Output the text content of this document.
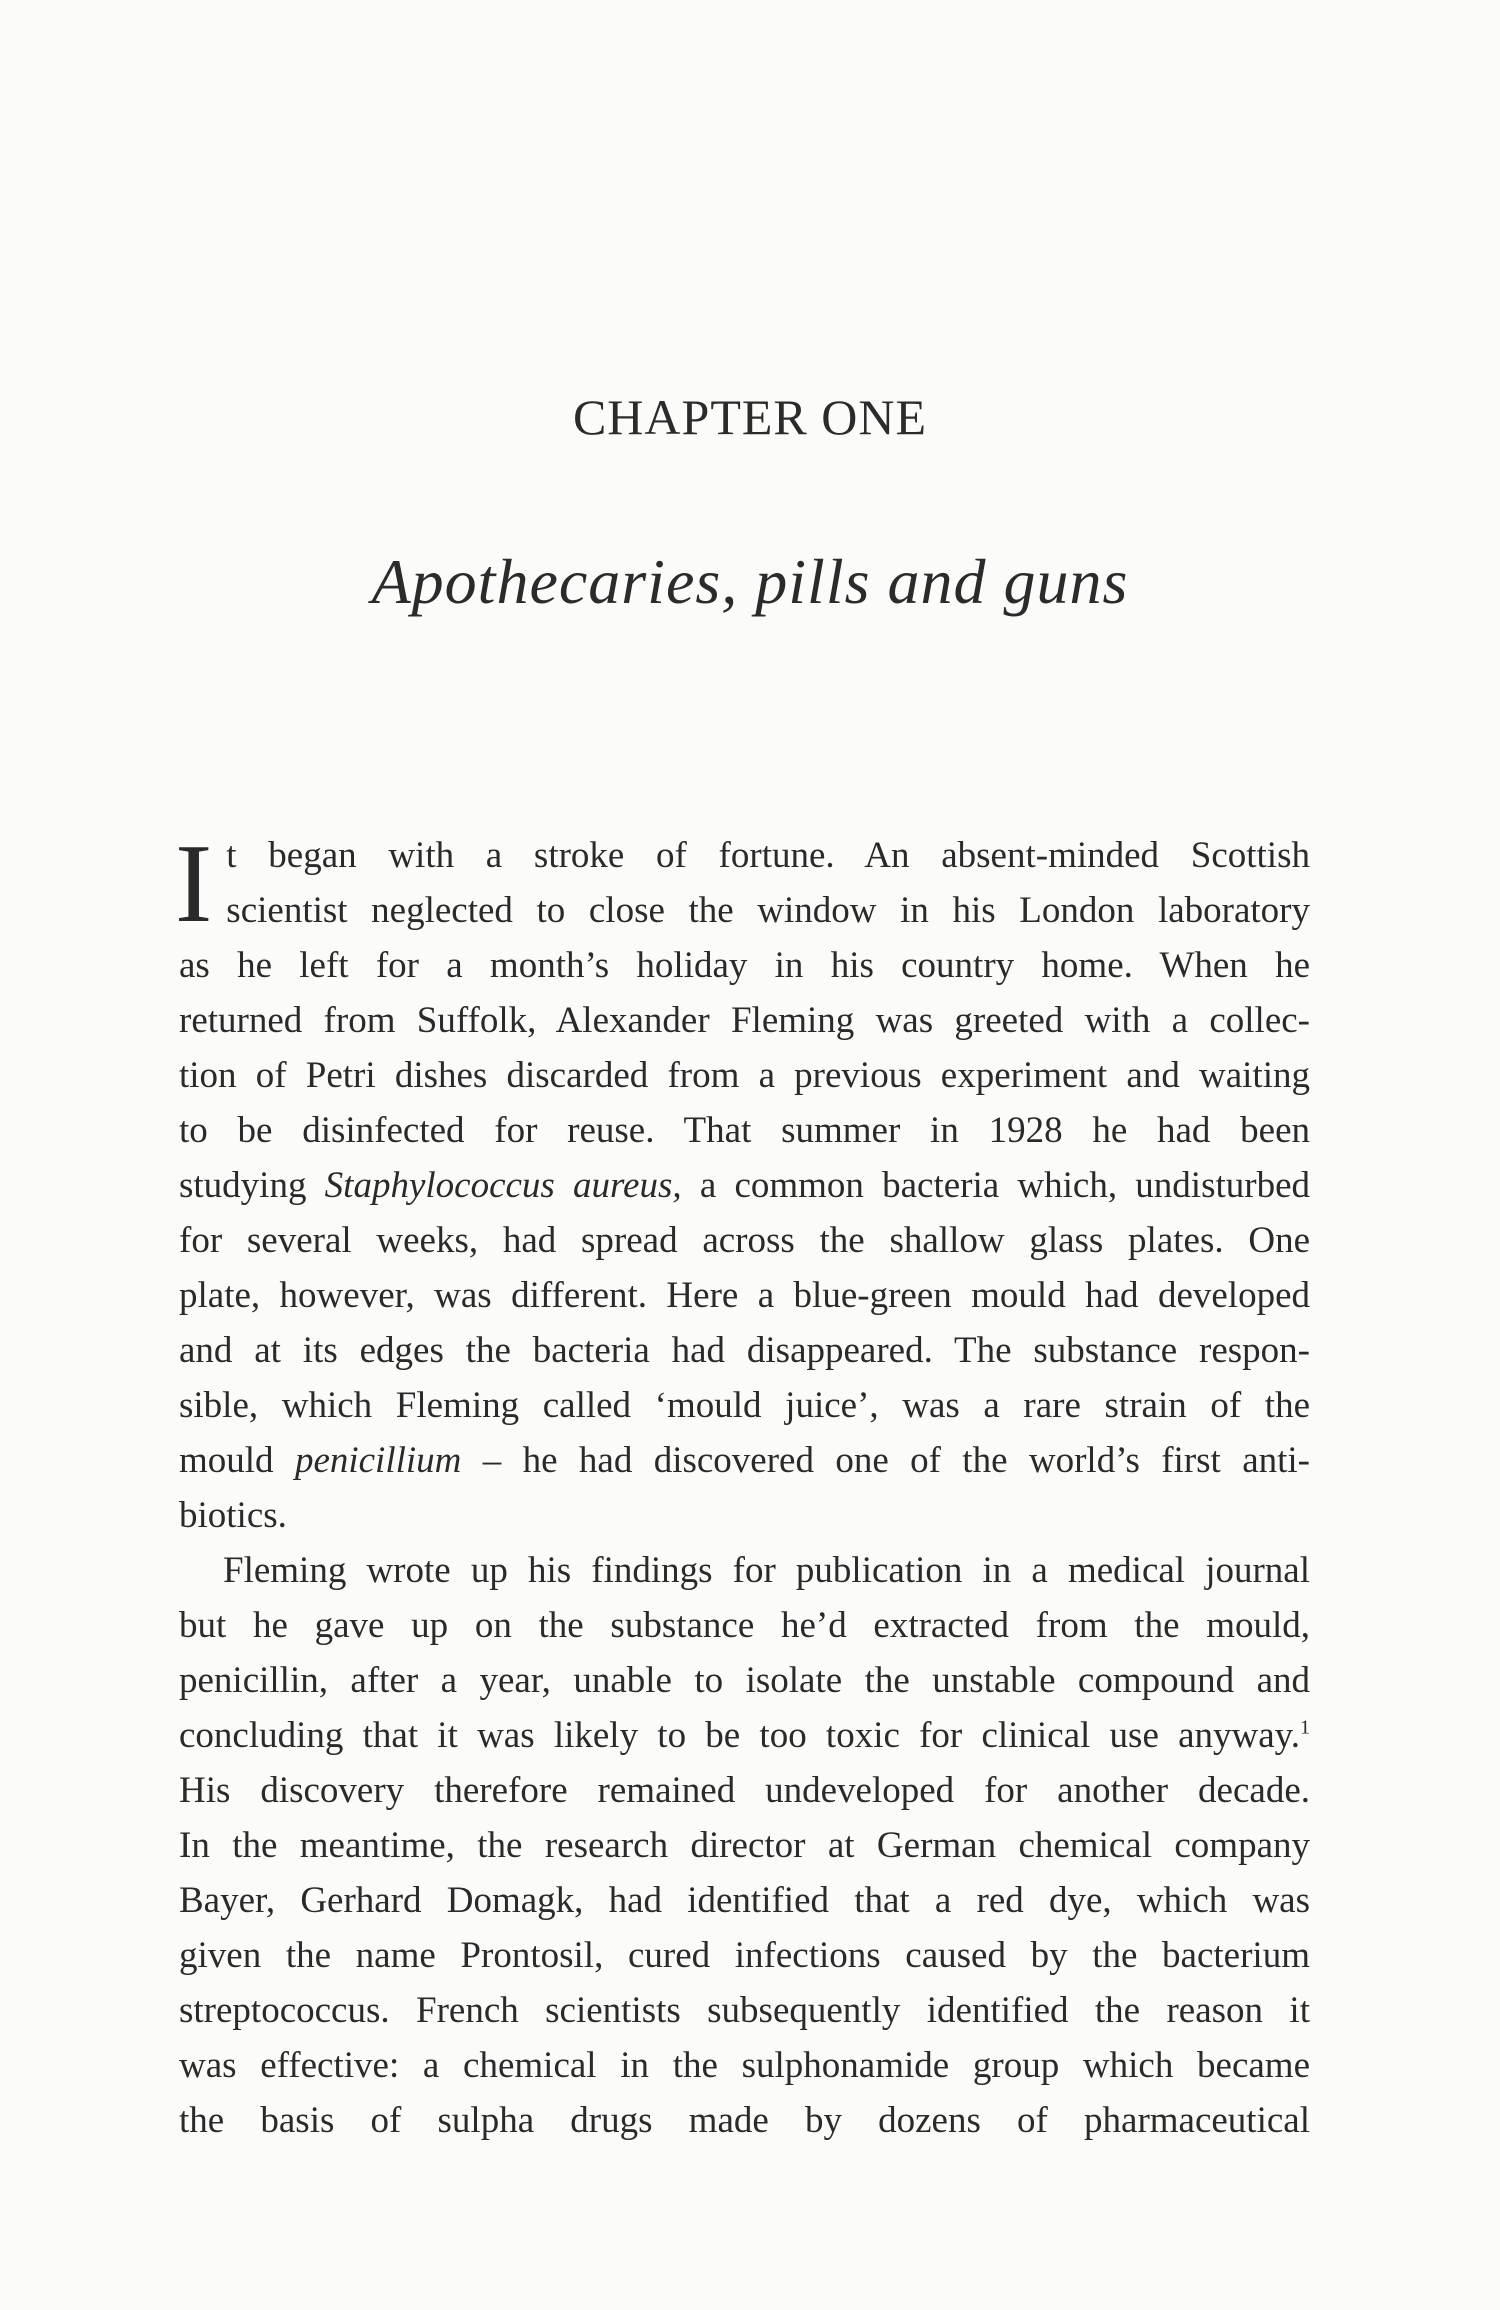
CHAPTER ONE
Apothecaries, pills and guns
I t began with a stroke of fortune. An absent-minded Scottish
scientist neglected to close the window in his London laboratory
as he left for a month’s holiday in his country home. When he
returned from Suffolk, Alexander Fleming was greeted with a collec-
tion of Petri dishes discarded from a previous experiment and waiting
to be disinfected for reuse. That summer in 1928 he had been
studying Staphylococcus aureus, a common bacteria which, undisturbed
for several weeks, had spread across the shallow glass plates. One
plate, however, was different. Here a blue-green mould had developed
and at its edges the bacteria had disappeared. The substance respon-
sible, which Fleming called ‘mould juice’, was a rare strain of the
mould penicillium – he had discovered one of the world’s first anti-
biotics.
Fleming wrote up his findings for publication in a medical journal
but he gave up on the substance he’d extracted from the mould,
penicillin, after a year, unable to isolate the unstable compound and
concluding that it was likely to be too toxic for clinical use anyway.$^1$
His discovery therefore remained undeveloped for another decade.
In the meantime, the research director at German chemical company
Bayer, Gerhard Domagk, had identified that a red dye, which was
given the name Prontosil, cured infections caused by the bacterium
streptococcus. French scientists subsequently identified the reason it
was effective: a chemical in the sulphonamide group which became
the basis of sulpha drugs made by dozens of pharmaceutical
